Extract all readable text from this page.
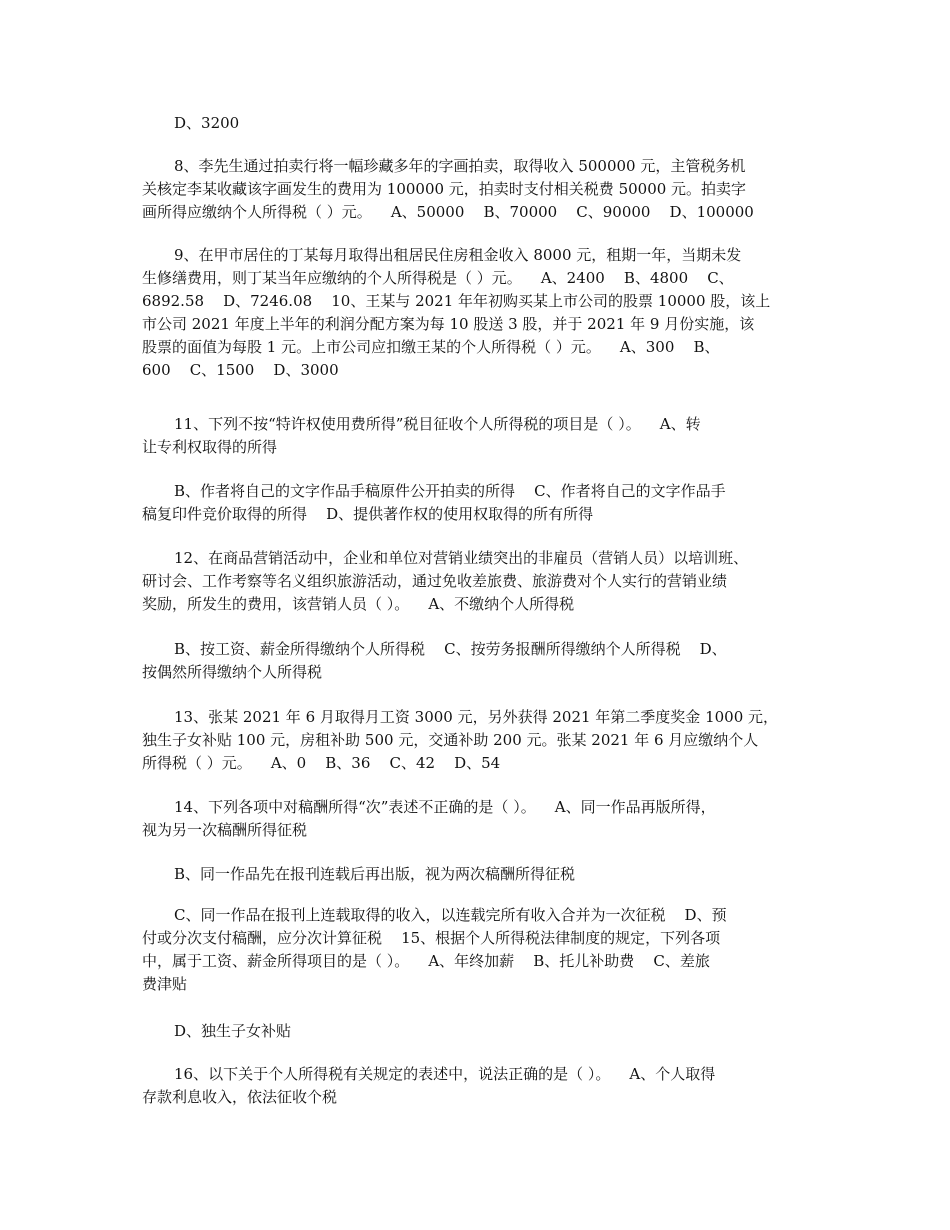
D、3200
8、李先生通过拍卖行将一幅珍藏多年的字画拍卖，取得收入 500000 元，主管税务机
关核定李某收藏该字画发生的费用为 100000 元，拍卖时支付相关税费 50000 元。拍卖字
画所得应缴纳个人所得税（ ）元。    A、50000    B、70000    C、90000    D、100000
9、在甲市居住的丁某每月取得出租居民住房租金收入 8000 元，租期一年，当期未发
生修缮费用，则丁某当年应缴纳的个人所得税是（ ）元。    A、2400    B、4800    C、
6892.58    D、7246.08    10、王某与 2021 年年初购买某上市公司的股票 10000 股，该上
市公司 2021 年度上半年的利润分配方案为每 10 股送 3 股，并于 2021 年 9 月份实施，该
股票的面值为每股 1 元。上市公司应扣缴王某的个人所得税（ ）元。    A、300    B、
600    C、1500    D、3000
11、下列不按“特许权使用费所得”税目征收个人所得税的项目是（ ）。    A、转
让专利权取得的所得
B、作者将自己的文字作品手稿原件公开拍卖的所得    C、作者将自己的文字作品手
稿复印件竞价取得的所得    D、提供著作权的使用权取得的所有所得
12、在商品营销活动中，企业和单位对营销业绩突出的非雇员（营销人员）以培训班、
研讨会、工作考察等名义组织旅游活动，通过免收差旅费、旅游费对个人实行的营销业绩
奖励，所发生的费用，该营销人员（ ）。    A、不缴纳个人所得税
B、按工资、薪金所得缴纳个人所得税    C、按劳务报酬所得缴纳个人所得税    D、
按偶然所得缴纳个人所得税
13、张某 2021 年 6 月取得月工资 3000 元，另外获得 2021 年第二季度奖金 1000 元，
独生子女补贴 100 元，房租补助 500 元，交通补助 200 元。张某 2021 年 6 月应缴纳个人
所得税（ ）元。    A、0    B、36    C、42    D、54
14、下列各项中对稿酬所得“次”表述不正确的是（ ）。    A、同一作品再版所得，
视为另一次稿酬所得征税
B、同一作品先在报刊连载后再出版，视为两次稿酬所得征税
C、同一作品在报刊上连载取得的收入，以连载完所有收入合并为一次征税    D、预
付或分次支付稿酬，应分次计算征税    15、根据个人所得税法律制度的规定，下列各项
中，属于工资、薪金所得项目的是（ ）。    A、年终加薪    B、托儿补助费    C、差旅
费津贴
D、独生子女补贴
16、以下关于个人所得税有关规定的表述中，说法正确的是（ ）。    A、个人取得
存款利息收入，依法征收个税
